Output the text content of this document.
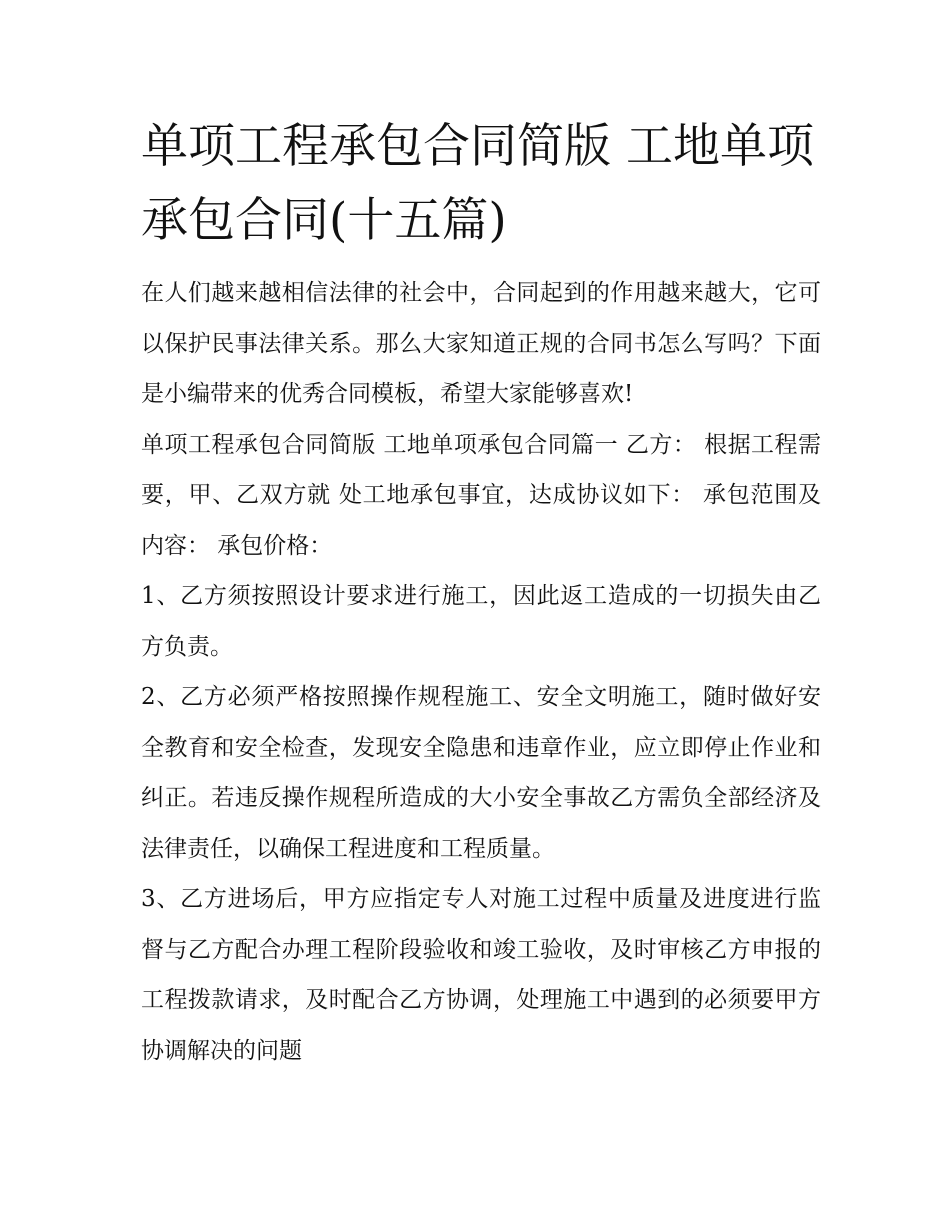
单项工程承包合同简版 工地单项承包合同(十五篇)

在人们越来越相信法律的社会中，合同起到的作用越来越大，它可以保护民事法律关系。那么大家知道正规的合同书怎么写吗？下面是小编带来的优秀合同模板，希望大家能够喜欢!

单项工程承包合同简版 工地单项承包合同篇一 乙方： 根据工程需要，甲、乙双方就 处工地承包事宜，达成协议如下： 承包范围及内容： 承包价格：

1、乙方须按照设计要求进行施工，因此返工造成的一切损失由乙方负责。

2、乙方必须严格按照操作规程施工、安全文明施工，随时做好安全教育和安全检查，发现安全隐患和违章作业，应立即停止作业和纠正。若违反操作规程所造成的大小安全事故乙方需负全部经济及法律责任，以确保工程进度和工程质量。

3、乙方进场后，甲方应指定专人对施工过程中质量及进度进行监督与乙方配合办理工程阶段验收和竣工验收，及时审核乙方申报的工程拨款请求，及时配合乙方协调，处理施工中遇到的必须要甲方协调解决的问题
